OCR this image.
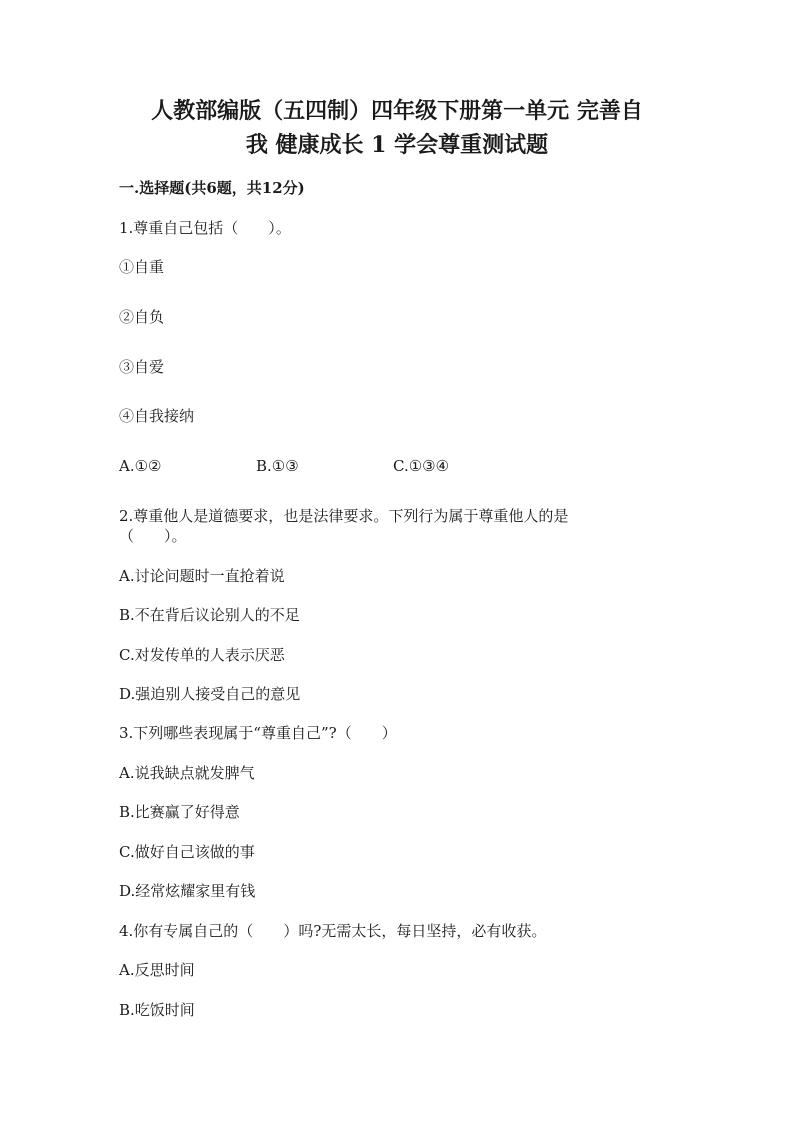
人教部编版（五四制）四年级下册第一单元 完善自
我 健康成长 1 学会尊重测试题
一.选择题(共6题，共12分)
1.尊重自己包括（　　）。
①自重
②自负
③自爱
④自我接纳
A.①②	B.①③	C.①③④
2.尊重他人是道德要求，也是法律要求。下列行为属于尊重他人的是
（　　）。
A.讨论问题时一直抢着说
B.不在背后议论别人的不足
C.对发传单的人表示厌恶
D.强迫别人接受自己的意见
3.下列哪些表现属于“尊重自己”?（　　）
A.说我缺点就发脾气
B.比赛赢了好得意
C.做好自己该做的事
D.经常炫耀家里有钱
4.你有专属自己的（　　）吗?无需太长，每日坚持，必有收获。
A.反思时间
B.吃饭时间
